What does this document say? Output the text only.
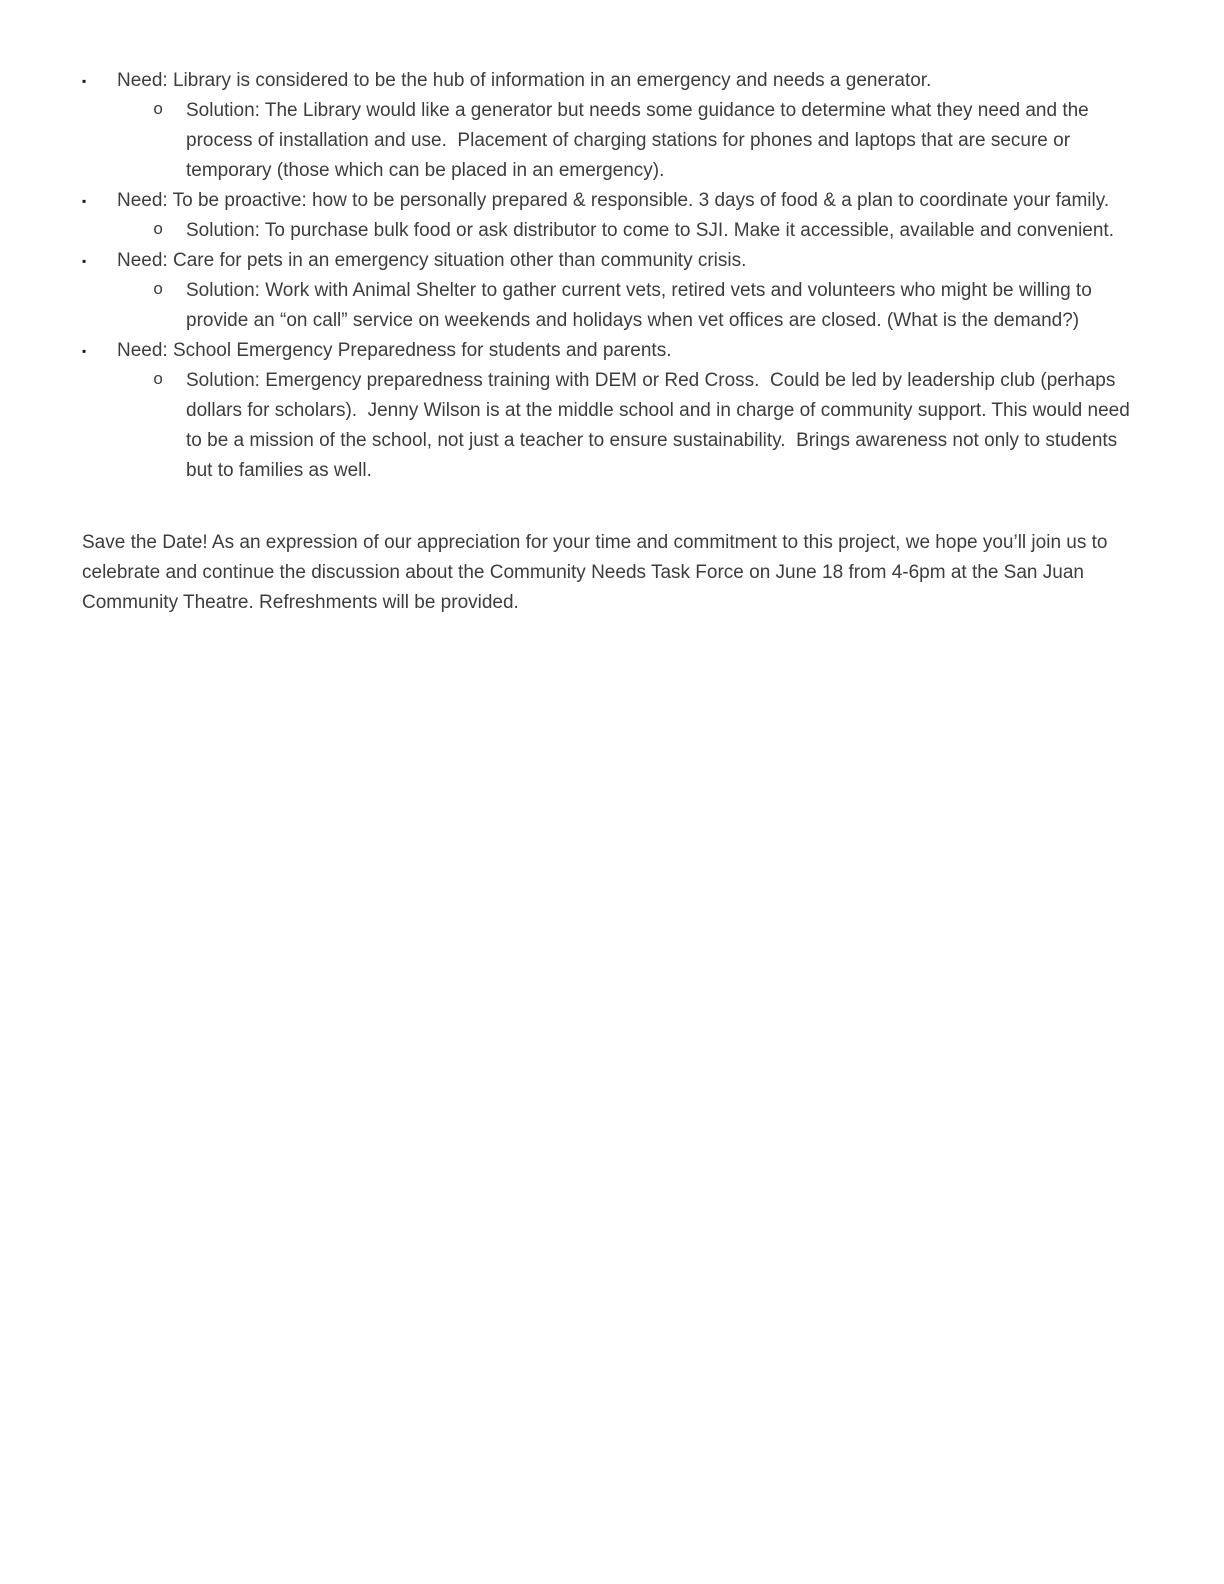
▪	Need: Library is considered to be the hub of information in an emergency and needs a generator.
o	Solution: The Library would like a generator but needs some guidance to determine what they need and the process of installation and use.  Placement of charging stations for phones and laptops that are secure or temporary (those which can be placed in an emergency).
▪	Need: To be proactive: how to be personally prepared & responsible. 3 days of food & a plan to coordinate your family.
o	Solution: To purchase bulk food or ask distributor to come to SJI. Make it accessible, available and convenient.
▪	Need: Care for pets in an emergency situation other than community crisis.
o	Solution: Work with Animal Shelter to gather current vets, retired vets and volunteers who might be willing to provide an “on call” service on weekends and holidays when vet offices are closed. (What is the demand?)
▪	Need: School Emergency Preparedness for students and parents.
o	Solution: Emergency preparedness training with DEM or Red Cross.  Could be led by leadership club (perhaps dollars for scholars).  Jenny Wilson is at the middle school and in charge of community support. This would need to be a mission of the school, not just a teacher to ensure sustainability.  Brings awareness not only to students but to families as well.

Save the Date! As an expression of our appreciation for your time and commitment to this project, we hope you’ll join us to celebrate and continue the discussion about the Community Needs Task Force on June 18 from 4-6pm at the San Juan Community Theatre. Refreshments will be provided.
